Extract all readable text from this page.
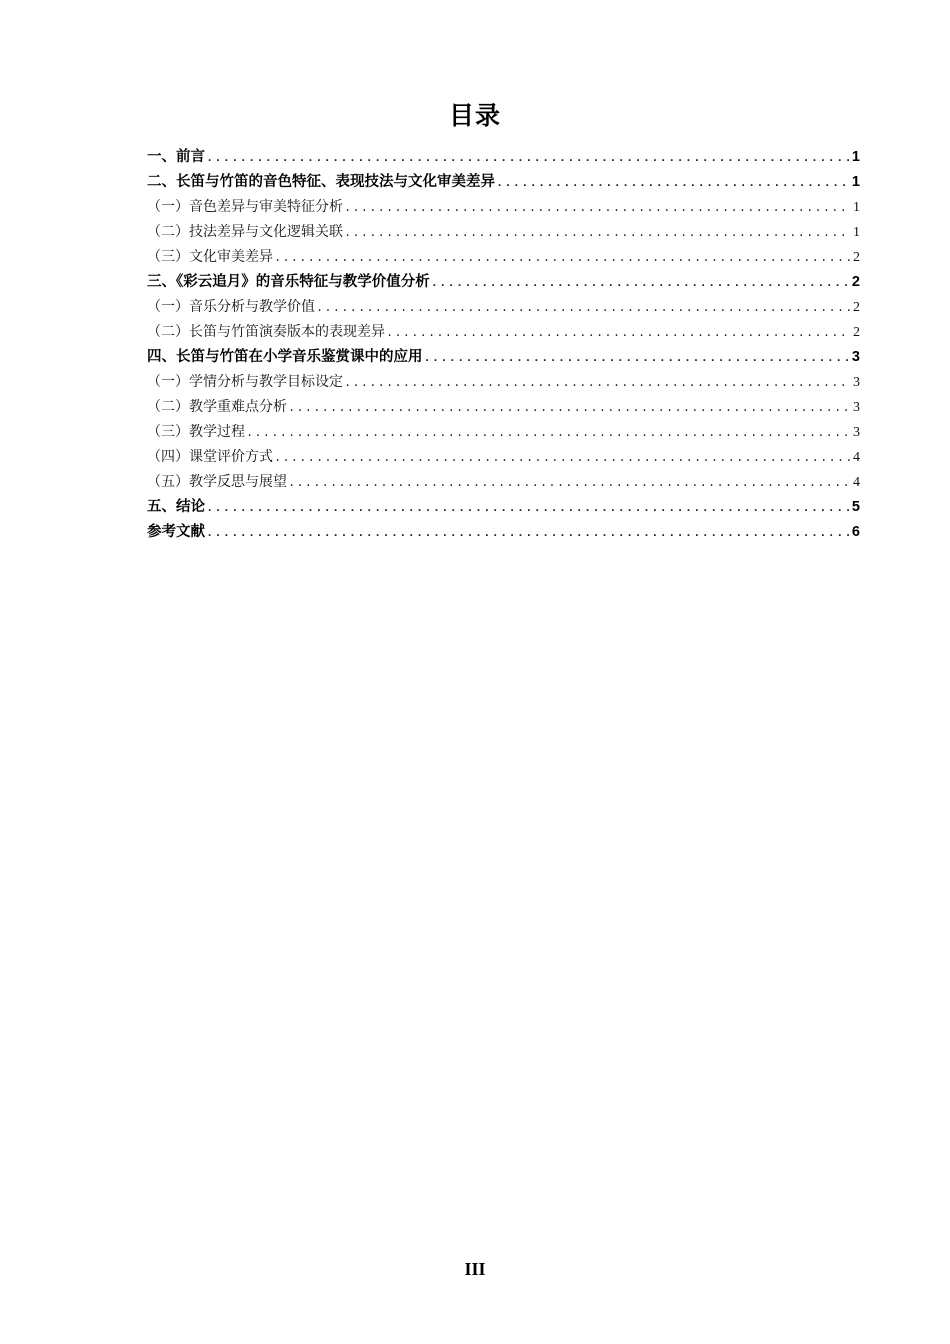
目录
一、前言 .....	1
二、长笛与竹笛的音色特征、表现技法与文化审美差异 .....	1
（一）音色差异与审美特征分析 .....	1
（二）技法差异与文化逻辑关联 .....	1
（三）文化审美差异 .....	2
三、《彩云追月》的音乐特征与教学价值分析 .....	2
（一）音乐分析与教学价值 .....	2
（二）长笛与竹笛演奏版本的表现差异 .....	2
四、长笛与竹笛在小学音乐鉴赏课中的应用 .....	3
（一）学情分析与教学目标设定 .....	3
（二）教学重难点分析 .....	3
（三）教学过程 .....	3
（四）课堂评价方式 .....	4
（五）教学反思与展望 .....	4
五、结论 .....	5
参考文献 .....	6
III
